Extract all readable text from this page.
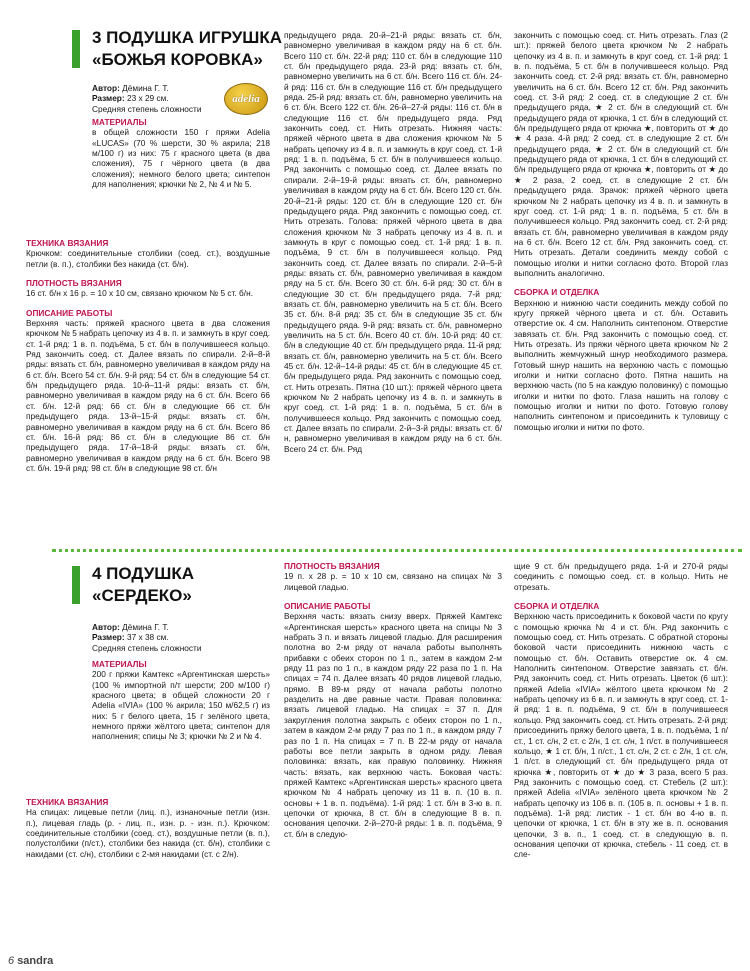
3 ПОДУШКА ИГРУШКА
«БОЖЬЯ КОРОВКА»
adelia
Автор: Дёмина Г. Т.
Размер: 23 х 29 см.
Средняя степень сложности
МАТЕРИАЛЫ

в общей сложности 150 г пряжи Adelia «LUCAS» (70 % шерсти, 30 % акрила; 218 м/100 г) из них: 75 г красного цвета (в два сложения), 75 г чёрного цвета (в два сложения); немного белого цвета; синтепон для наполнения; крючки № 2, № 4 и № 5.

ТЕХНИКА ВЯЗАНИЯ

Крючком: соединительные столбики (соед. ст.), воздушные петли (в. п.), столбики без накида (ст. б/н).

ПЛОТНОСТЬ ВЯЗАНИЯ

16 ст. б/н х 16 р. = 10 х 10 см, связано крючком № 5 ст. б/н.

ОПИСАНИЕ РАБОТЫ

Верхняя часть: пряжей красного цвета в два сложения крючком № 5 набрать цепочку из 4 в. п. и замкнуть в круг соед. ст. 1-й ряд: 1 в. п. подъёма, 5 ст. б/н в получившееся кольцо. Ряд закончить соед. ст. Далее вязать по спирали. 2-й–8-й ряды: вязать ст. б/н, равномерно увеличивая в каждом ряду на 6 ст. б/н. Всего 54 ст. б/н. 9-й ряд: 54 ст. б/н в следующие 54 ст. б/н предыдущего ряда. 10-й–11-й ряды: вязать ст. б/н, равномерно увеличивая в каждом ряду на 6 ст. б/н. Всего 66 ст. б/н. 12-й ряд: 66 ст. б/н в следующие 66 ст. б/н предыдущего ряда. 13-й–15-й ряды: вязать ст. б/н, равномерно увеличивая в каждом ряду на 6 ст. б/н. Всего 86 ст. б/н. 16-й ряд: 86 ст. б/н в следующие 86 ст. б/н предыдущего ряда. 17-й–18-й ряды: вязать ст. б/н, равномерно увеличивая в каждом ряду на 6 ст. б/н. Всего 98 ст. б/н. 19-й ряд: 98 ст. б/н в следующие 98 ст. б/н

предыдущего ряда. 20-й–21-й ряды: вязать ст. б/н, равномерно увеличивая в каждом ряду на 6 ст. б/н. Всего 110 ст. б/н. 22-й ряд: 110 ст. б/н в следующие 110 ст. б/н предыдущего ряда. 23-й ряд: вязать ст. б/н, равномерно увеличить на 6 ст. б/н. Всего 116 ст. б/н. 24-й ряд: 116 ст. б/н в следующие 116 ст. б/н предыдущего ряда. 25-й ряд: вязать ст. б/н, равномерно увеличить на 6 ст. б/н. Всего 122 ст. б/н. 26-й–27-й ряды: 116 ст. б/н в следующие 116 ст. б/н предыдущего ряда. Ряд закончить соед. ст. Нить отрезать. Нижняя часть: пряжей чёрного цвета в два сложения крючком № 5 набрать цепочку из 4 в. п. и замкнуть в круг соед. ст. 1-й ряд: 1 в. п. подъёма, 5 ст. б/н в получившееся кольцо. Ряд закончить с помощью соед. ст. Далее вязать по спирали. 2-й–19-й ряды: вязать ст. б/н, равномерно увеличивая в каждом ряду на 6 ст. б/н. Всего 120 ст. б/н. 20-й–21-й ряды: 120 ст. б/н в следующие 120 ст. б/н предыдущего ряда. Ряд закончить с помощью соед. ст. Нить отрезать. Голова: пряжей чёрного цвета в два сложения крючком № 3 набрать цепочку из 4 в. п. и замкнуть в круг с помощью соед. ст. 1-й ряд: 1 в. п. подъёма, 9 ст. б/н в получившееся кольцо. Ряд закончить соед. ст. Далее вязать по спирали. 2-й–5-й ряды: вязать ст. б/н, равномерно увеличивая в каждом ряду на 5 ст. б/н. Всего 30 ст. б/н. 6-й ряд: 30 ст. б/н в следующие 30 ст. б/н предыдущего ряда. 7-й ряд: вязать ст. б/н, равномерно увеличить на 5 ст. б/н. Всего 35 ст. б/н. 8-й ряд: 35 ст. б/н в следующие 35 ст. б/н предыдущего ряда. 9-й ряд: вязать ст. б/н, равномерно увеличить на 5 ст. б/н. Всего 40 ст. б/н. 10-й ряд: 40 ст. б/н в следующие 40 ст. б/н предыдущего ряда. 11-й ряд: вязать ст. б/н, равномерно увеличить на 5 ст. б/н. Всего 45 ст. б/н. 12-й–14-й ряды: 45 ст. б/н в следующие 45 ст. б/н предыдущего ряда. Ряд закончить с помощью соед. ст. Нить отрезать. Пятна (10 шт.): пряжей чёрного цвета крючком № 2 набрать цепочку из 4 в. п. и замкнуть в круг соед. ст. 1-й ряд: 1 в. п. подъёма, 5 ст. б/н в получившееся кольцо. Ряд закончить с помощью соед. ст. Далее вязать по спирали. 2-й–3-й ряды: вязать ст. б/н, равномерно увеличивая в каждом ряду на 6 ст. б/н. Всего 24 ст. б/н. Ряд

закончить с помощью соед. ст. Нить отрезать. Глаз (2 шт.): пряжей белого цвета крючком № 2 набрать цепочку из 4 в. п. и замкнуть в круг соед. ст. 1-й ряд: 1 в. п. подъёма, 5 ст. б/н в получившееся кольцо. Ряд закончить соед. ст. 2-й ряд: вязать ст. б/н, равномерно увеличить на 6 ст. б/н. Всего 12 ст. б/н. Ряд закончить соед. ст. 3-й ряд: 2 соед. ст. в следующие 2 ст. б/н предыдущего ряда, ★ 2 ст. б/н в следующий ст. б/н предыдущего ряда от крючка, 1 ст. б/н в следующий ст. б/н предыдущего ряда от крючка ★, повторить от ★ до ★ 4 раза. 4-й ряд: 2 соед. ст. в следующие 2 ст. б/н предыдущего ряда, ★ 2 ст. б/н в следующий ст. б/н предыдущего ряда от крючка, 1 ст. б/н в следующий ст. б/н предыдущего ряда от крючка ★, повторить от ★ до ★ 2 раза, 2 соед. ст. в следующие 2 ст. б/н предыдущего ряда. Зрачок: пряжей чёрного цвета крючком № 2 набрать цепочку из 4 в. п. и замкнуть в круг соед. ст. 1-й ряд: 1 в. п. подъёма, 5 ст. б/н в получившееся кольцо. Ряд закончить соед. ст. 2-й ряд: вязать ст. б/н, равномерно увеличивая в каждом ряду на 6 ст. б/н. Всего 12 ст. б/н. Ряд закончить соед. ст. Нить отрезать. Детали соединить между собой с помощью иголки и нитки согласно фото. Второй глаз выполнить аналогично.

СБОРКА И ОТДЕЛКА

Верхнюю и нижнюю части соединить между собой по кругу пряжей чёрного цвета и ст. б/н. Оставить отверстие ок. 4 см. Наполнить синтепоном. Отверстие завязать ст. б/н. Ряд закончить с помощью соед. ст. Нить отрезать. Из пряжи чёрного цвета крючком № 2 выполнить жемчужный шнур необходимого размера. Готовый шнур нашить на верхнюю часть с помощью иголки и нитки согласно фото. Пятна нашить на верхнюю часть (по 5 на каждую половинку) с помощью иголки и нитки по фото. Глаза нашить на голову с помощью иголки и нитки по фото. Готовую голову наполнить синтепоном и присоединить к туловищу с помощью иголки и нитки по фото.

4 ПОДУШКА
«СЕРДЕКО»
Автор: Дёмина Г. Т.
Размер: 37 х 38 см.
Средняя степень сложности
МАТЕРИАЛЫ

200 г пряжи Камтекс «Аргентинская шерсть» (100 % импортной п/т шерсти; 200 м/100 г) красного цвета; в общей сложности 20 г Adelia «IVIA» (100 % акрила; 150 м/62,5 г) из них: 5 г белого цвета, 15 г зелёного цвета, немного пряжи жёлтого цвета; синтепон для наполнения; спицы № 3; крючки № 2 и № 4.

ТЕХНИКА ВЯЗАНИЯ

На спицах: лицевые петли (лиц. п.), изнаночные петли (изн. п.), лицевая гладь (р. - лиц. п., изн. р. - изн. п.). Крючком: соединительные столбики (соед. ст.), воздушные петли (в. п.), полустолбики (п/ст.), столбики без накида (ст. б/н), столбики с накидами (ст. с/н), столбики с 2-мя накидами (ст. с 2/н).

ПЛОТНОСТЬ ВЯЗАНИЯ

19 п. х 28 р. = 10 х 10 см, связано на спицах № 3 лицевой гладью.

ОПИСАНИЕ РАБОТЫ

Верхняя часть: вязать снизу вверх. Пряжей Камтекс «Аргентинская шерсть» красного цвета на спицы № 3 набрать 3 п. и вязать лицевой гладью. Для расширения полотна во 2-м ряду от начала работы выполнять прибавки с обеих сторон по 1 п., затем в каждом 2-м ряду 11 раз по 1 п., в каждом ряду 22 раза по 1 п. На спицах = 74 п. Далее вязать 40 рядов лицевой гладью, прямо. В 89-м ряду от начала работы полотно разделить на две равные части. Правая половинка: вязать лицевой гладью. На спицах = 37 п. Для закругления полотна закрыть с обеих сторон по 1 п., затем в каждом 2-м ряду 7 раз по 1 п., в каждом ряду 7 раз по 1 п. На спицах = 7 п. В 22-м ряду от начала работы все петли закрыть в одном ряду. Левая половинка: вязать, как правую половинку. Нижняя часть: вязать, как верхнюю часть. Боковая часть: пряжей Камтекс «Аргентинская шерсть» красного цвета крючком № 4 набрать цепочку из 11 в. п. (10 в. п. основы + 1 в. п. подъёма). 1-й ряд: 1 ст. б/н в 3-ю в. п. цепочки от крючка, 8 ст. б/н в следующие 8 в. п. основания цепочки. 2-й–270-й ряды: 1 в. п. подъёма, 9 ст. б/н в следую-

щие 9 ст. б/н предыдущего ряда. 1-й и 270-й ряды соединить с помощью соед. ст. в кольцо. Нить не отрезать.

СБОРКА И ОТДЕЛКА

Верхнюю часть присоединить к боковой части по кругу с помощью крючка № 4 и ст. б/н. Ряд закончить с помощью соед. ст. Нить отрезать. С обратной стороны боковой части присоединить нижнюю часть с помощью ст. б/н. Оставить отверстие ок. 4 см. Наполнить синтепоном. Отверстие завязать ст. б/н. Ряд закончить соед. ст. Нить отрезать. Цветок (6 шт.): пряжей Adelia «IVIA» жёлтого цвета крючком № 2 набрать цепочку из 6 в. п. и замкнуть в круг соед. ст. 1-й ряд: 1 в. п. подъёма, 9 ст. б/н в получившееся кольцо. Ряд закончить соед. ст. Нить отрезать. 2-й ряд: присоединить пряжу белого цвета, 1 в. п. подъёма, 1 п/ст., 1 ст. с/н, 2 ст. с 2/н, 1 ст. с/н, 1 п/ст. в получившееся кольцо, ★ 1 ст. б/н, 1 п/ст., 1 ст. с/н, 2 ст. с 2/н, 1 ст. с/н, 1 п/ст. в следующий ст. б/н предыдущего ряда от крючка ★, повторить от ★ до ★ 3 раза, всего 5 раз. Ряд закончить с помощью соед. ст. Стебель (2 шт.): пряжей Adelia «IVIA» зелёного цвета крючком № 2 набрать цепочку из 106 в. п. (105 в. п. основы + 1 в. п. подъёма). 1-й ряд: листик - 1 ст. б/н во 4-ю в. п. цепочки от крючка, 1 ст. б/н в эту же в. п. основания цепочки, 3 в. п., 1 соед. ст. в следующую в. п. основания цепочки от крючка, стебель - 11 соед. ст. в сле-

6 sandra
